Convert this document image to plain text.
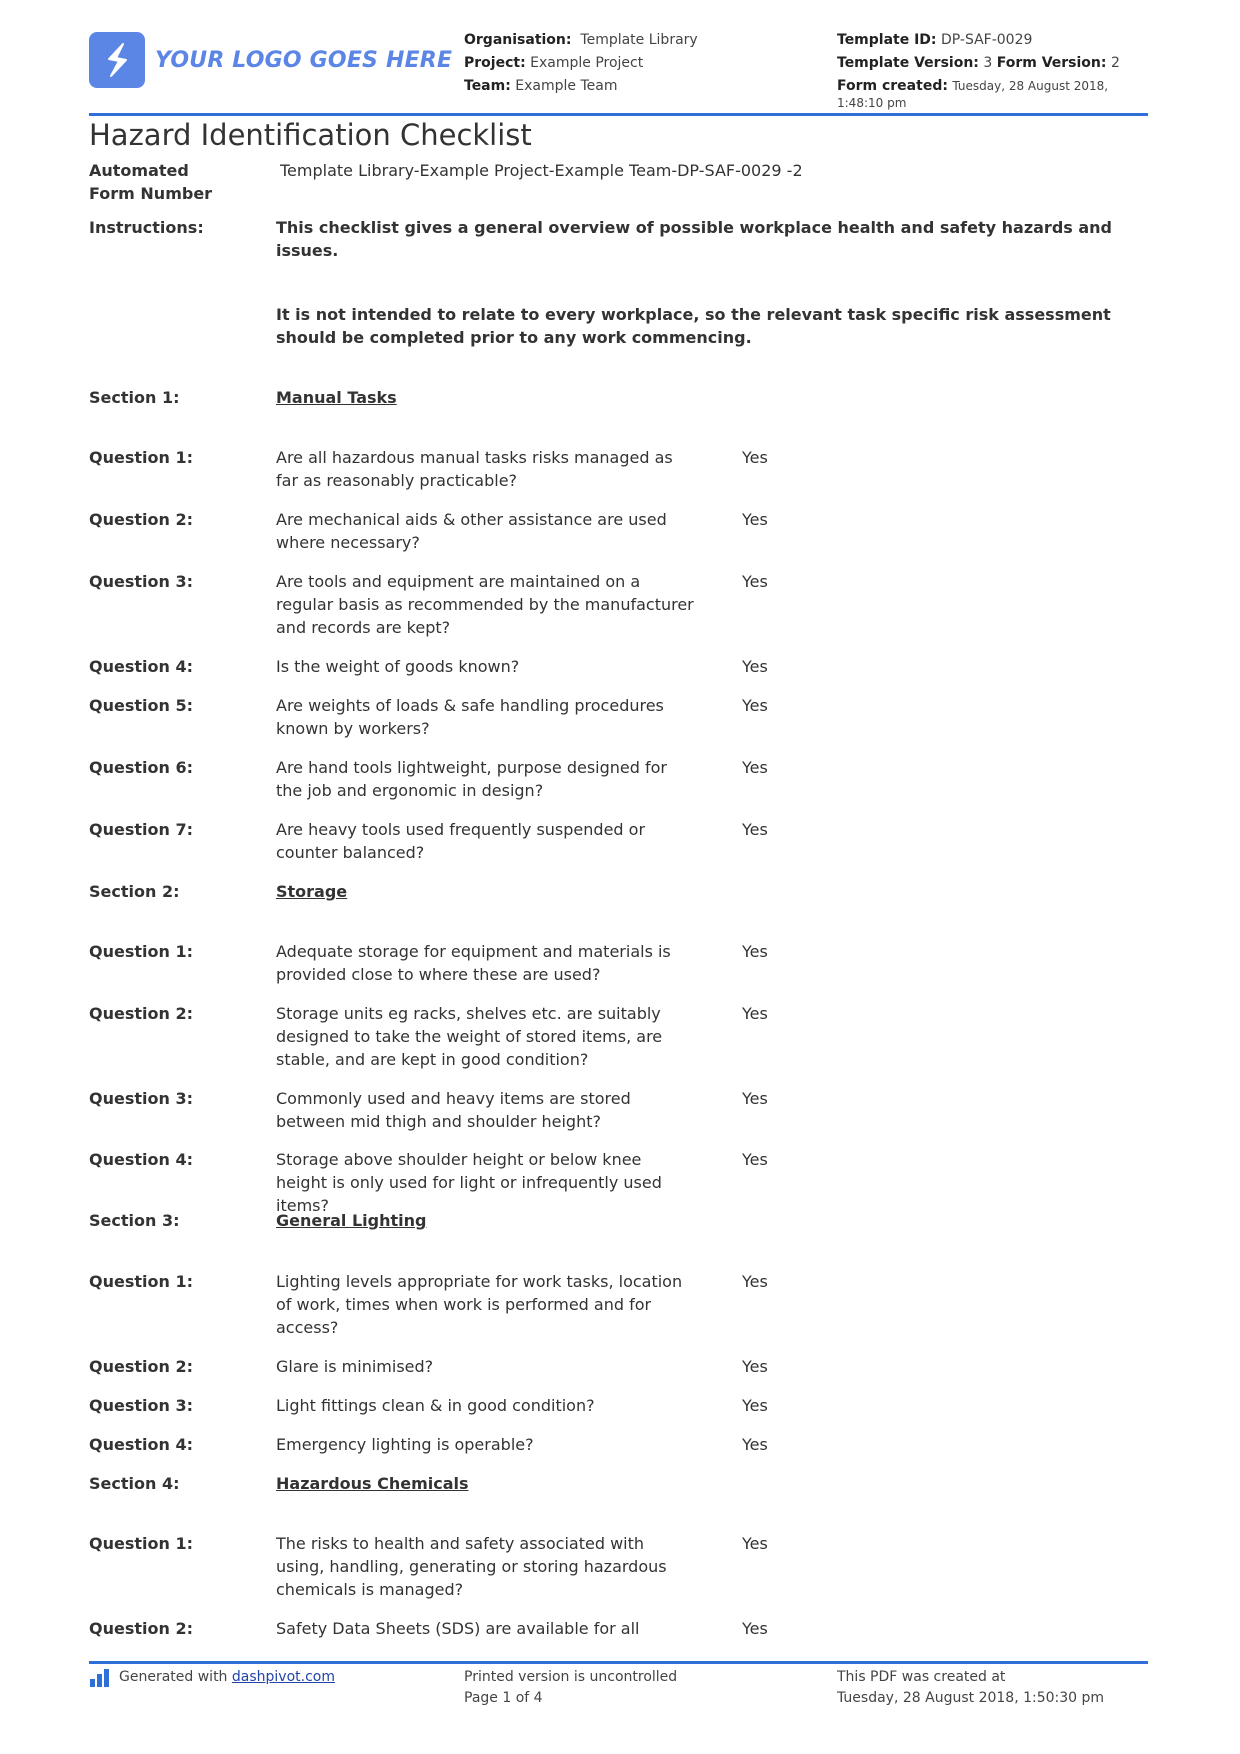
YOUR LOGO GOES HERE
Organisation: Template Library
Project: Example Project
Team: Example Team
Template ID: DP-SAF-0029
Template Version: 3 Form Version: 2
Form created: Tuesday, 28 August 2018, 1:48:10 pm
Hazard Identification Checklist
Automated Form Number
Template Library-Example Project-Example Team-DP-SAF-0029 -2
Instructions:	This checklist gives a general overview of possible workplace health and safety hazards and issues.
It is not intended to relate to every workplace, so the relevant task specific risk assessment should be completed prior to any work commencing.
Section 1:	Manual Tasks
Question 1:	Are all hazardous manual tasks risks managed as far as reasonably practicable?
Yes
Question 2:	Are mechanical aids & other assistance are used where necessary?
Yes
Question 3:	Are tools and equipment are maintained on a regular basis as recommended by the manufacturer and records are kept?
Yes
Question 4:	Is the weight of goods known?	Yes
Question 5:	Are weights of loads & safe handling procedures known by workers?
Yes
Question 6:	Are hand tools lightweight, purpose designed for the job and ergonomic in design?
Yes
Question 7:	Are heavy tools used frequently suspended or counter balanced?
Yes
Section 2:	Storage
Question 1:	Adequate storage for equipment and materials is provided close to where these are used?
Yes
Question 2:	Storage units eg racks, shelves etc. are suitably designed to take the weight of stored items, are stable, and are kept in good condition?
Yes
Question 3:	Commonly used and heavy items are stored between mid thigh and shoulder height?
Yes
Question 4:	Storage above shoulder height or below knee height is only used for light or infrequently used items?
Yes
Section 3:	General Lighting
Question 1:	Lighting levels appropriate for work tasks, location of work, times when work is performed and for access?
Yes
Question 2:	Glare is minimised?	Yes
Question 3:	Light fittings clean & in good condition?	Yes
Question 4:	Emergency lighting is operable?	Yes
Section 4:	Hazardous Chemicals
Question 1:	The risks to health and safety associated with using, handling, generating or storing hazardous chemicals is managed?
Yes
Question 2:	Safety Data Sheets (SDS) are available for all	Yes
Generated with
dashpivot.com	Printed version is uncontrolled
Page 1 of 4
This PDF was created at
Tuesday, 28 August 2018, 1:50:30 pm
